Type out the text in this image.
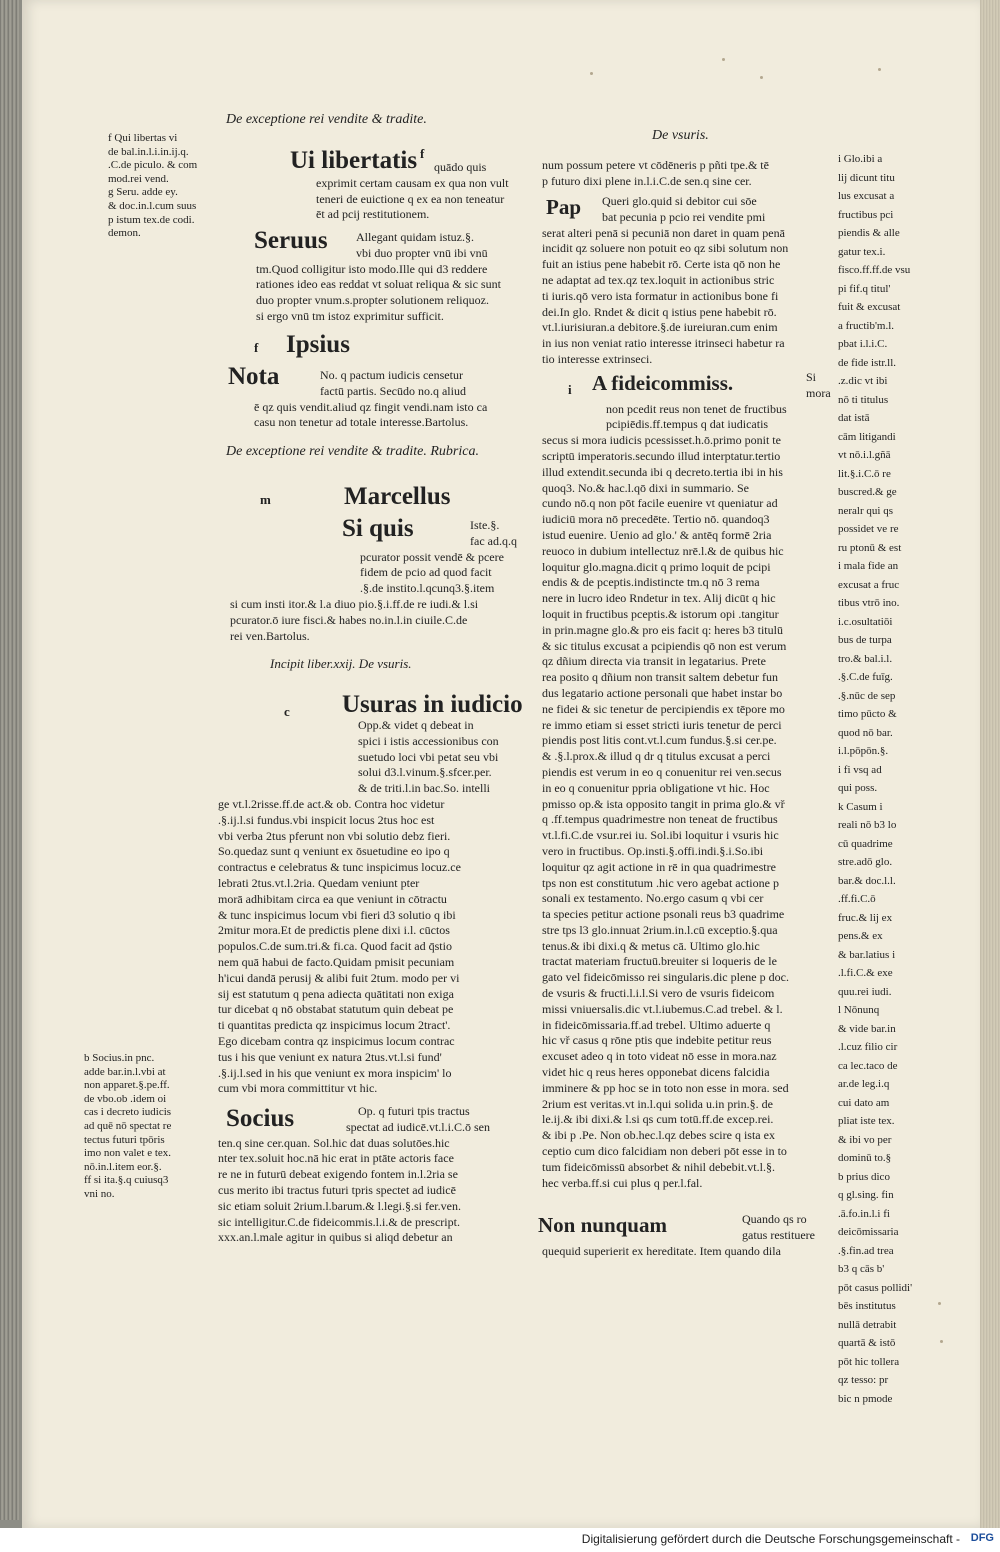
De exceptione rei vendite & tradite.
De vsuris.
f Qui libertas vi
de bal.in.l.i.in.ij.q.
.C.de piculo. & com
mod.rei vend.
g Seru. adde ey.
& doc.in.l.cum suus
p istum tex.de codi.
demon.
Ui libertatis f
quādo quis
exprimit certam causam ex qua non vult
teneri de euictione q ex ea non teneatur
ēt ad pcij restitutionem.
Seruus Allegant quidam istuz.§.
vbi duo propter vnū ibi vnū
tm.Quod colligitur isto modo.Ille qui d3 reddere
rationes ideo eas reddat vt soluat reliqua & sic sunt
duo propter vnum.s.propter solutionem reliquoz.
si ergo vnū tm istoz exprimitur sufficit.
f Ipsius
Nota	No. q pactum iudicis censetur
factū partis. Secūdo no.q aliud
ē qz quis vendit.aliud qz fingit vendi.nam isto ca
casu non tenetur ad totale interesse.Bartolus.
De exceptione rei vendite & tradite. Rubrica.
m	Marcellus
Si quis	Iste.§.
fac ad.q.q
pcurator possit vendē & pcere
fidem de pcio ad quod facit
.§.de instito.l.qcunq3.§.item
si cum insti itor.& l.a diuo pio.§.i.ff.de re iudi.& l.si
pcurator.ō iure fisci.& habes no.in.l.in ciuile.C.de
rei ven.Bartolus.
Incipit liber.xxij. De vsuris.
c Usuras in iudicio
Opp.& videt q debeat in
spici i istis accessionibus con
suetudo loci vbi petat seu vbi
solui d3.l.vinum.§.sfcer.per.
& de triti.l.in bac.So. intelli
ge vt.l.2risse.ff.de act.& ob. Contra hoc videtur
.§.ij.l.si fundus.vbi inspicit locus 2tus hoc est
vbi verba 2tus pferunt non vbi solutio debz fieri.
So.quedaz sunt q veniunt ex ōsuetudine eo ipo q
contractus e celebratus & tunc inspicimus locuz.ce
lebrati 2tus.vt.l.2ria. Quedam veniunt pter
morā adhibitam circa ea que veniunt in cōtractu
& tunc inspicimus locum vbi fieri d3 solutio q ibi
2mitur mora.Et de predictis plene dixi i.l. cūctos
populos.C.de sum.tri.& fi.ca. Quod facit ad q̄stio
nem quā habui de facto.Quidam pmisit pecuniam
h'icui dandā perusij & alibi fuit 2tum. modo per vi
sij est statutum q pena adiecta quātitati non exiga
tur dicebat q nō obstabat statutum quin debeat pe
ti quantitas predicta qz inspicimus locum 2tract'.
Ego dicebam contra qz inspicimus locum contrac
tus i his que veniunt ex natura 2tus.vt.l.si fund'
.§.ij.l.sed in his que veniunt ex mora inspicim' lo
cum vbi mora committitur vt hic.
Socius	Op. q futuri tpis tractus
spectat ad iudicē.vt.l.i.C.ō sen
ten.q sine cer.quan. Sol.hic dat duas solutōes.hic
nter tex.soluit hoc.nā hic erat in ptāte actoris face
re ne in futurū debeat exigendo fontem in.l.2ria se
cus merito ibi tractus futuri tpris spectet ad iudicē
sic etiam soluit 2rium.l.barum.& l.legi.§.si fer.ven.
sic intelligitur.C.de fideicommis.l.i.& de prescript.
xxx.an.l.male agitur in quibus si aliqd debetur an
b Socius.in pnc.
adde bar.in.l.vbi at
non apparet.§.pe.ff.
de vbo.ob .idem oi
cas i decreto iudicis
ad quē nō spectat re
tectus futuri tpōris
imo non valet e tex.
nō.in.l.item eor.§.
ff si ita.§.q cuiusq3
vni no.
num possum petere vt cōdēneris p pñti tpe.& tē
p futuro dixi plene in.l.i.C.de sen.q sine cer.
Pap Queri glo.quid si debitor cui sōe
bat pecunia p pcio rei vendite pmi
serat alteri penā si pecuniā non daret in quam penā
incidit qz soluere non potuit eo qz sibi solutum non
fuit an istius pene habebit rō. Certe ista qō non he
ne adaptat ad tex.qz tex.loquit in actionibus stric
ti iuris.qō vero ista formatur in actionibus bone fi
dei.In glo. Rndet & dicit q istius pene habebit rō.
vt.l.iurisiuran.a debitore.§.de iureiuran.cum enim
in ius non veniat ratio interesse itrinseci habetur ra
tio interesse extrinseci.
i A fideicommiss.	Si
mora
non pcedit reus non tenet de fructibus
pcipiēdis.ff.tempus q dat iudicatis
secus si mora iudicis pcessisset.h.ō.primo ponit te
scriptū imperatoris.secundo illud interptatur.tertio
illud extendit.secunda ibi q decreto.tertia ibi in his
quoq3. No.& hac.l.qō dixi in summario. Se
cundo nō.q non pōt facile euenire vt queniatur ad
iudiciū mora nō precedēte. Tertio nō. quandoq3
istud euenire. Uenio ad glo.' & antēq formē 2ria
reuoco in dubium intellectuz nrē.l.& de quibus hic
loquitur glo.magna.dicit q primo loquit de pcipi
endis & de pceptis.indistincte tm.q nō 3 rema
nere in lucro ideo Rndetur in tex. Alij dicūt q hic
loquit in fructibus pceptis.& istorum opi .tangitur
in prin.magne glo.& pro eis facit q: heres b3 titulū
& sic titulus excusat a pcipiendis qō non est verum
qz dñium directa via transit in legatarius. Prete
rea posito q dñium non transit saltem debetur fun
dus legatario actione personali que habet instar bo
ne fidei & sic tenetur de percipiendis ex tēpore mo
re immo etiam si esset stricti iuris tenetur de perci
piendis post litis cont.vt.l.cum fundus.§.si cer.pe.
& .§.l.prox.& illud q dr q titulus excusat a perci
piendis est verum in eo q conuenitur rei ven.secus
in eo q conuenitur ppria obligatione vt hic. Hoc
pmisso op.& ista opposito tangit in prima glo.& vř
q .ff.tempus quadrimestre non teneat de fructibus
vt.l.fi.C.de vsur.rei iu. Sol.ibi loquitur i vsuris hic
vero in fructibus. Op.insti.§.offi.indi.§.i.So.ibi
loquitur qz agit actione in rē in qua quadrimestre
tps non est constitutum .hic vero agebat actione p
sonali ex testamento. No.ergo casum q vbi cer
ta species petitur actione psonali reus b3 quadrime
stre tps l3 glo.innuat 2rium.in.l.cū exceptio.§.qua
tenus.& ibi dixi.q & metus cā. Ultimo glo.hic
tractat materiam fructuū.breuiter si loqueris de le
gato vel fideicōmisso rei singularis.dic plene p doc.
de vsuris & fructi.l.i.l.Si vero de vsuris fideicom
missi vniuersalis.dic vt.l.iubemus.C.ad trebel. & l.
in fideicōmissaria.ff.ad trebel. Ultimo aduerte q
hic vř casus q rōne ptis que indebite petitur reus
excuset adeo q in toto videat nō esse in mora.naz
videt hic q reus heres opponebat dicens falcidia
imminere & pp hoc se in toto non esse in mora. sed
2rium est veritas.vt in.l.qui solida u.in prin.§. de
le.ij.& ibi dixi.& l.si qs cum totū.ff.de excep.rei.
& ibi p .Pe. Non ob.hec.l.qz debes scire q ista ex
ceptio cum dico falcidiam non deberi pōt esse in to
tum fideicōmissū absorbet & nihil debebit.vt.l.§.
hec verba.ff.si cui plus q per.l.fal.
Non nunquam	Quando qs ro
gatus restituere
quequid superierit ex hereditate. Item quando dila
i Glo.ibi a
lij dicunt titu
lus excusat a
fructibus pci
piendis & alle
gatur tex.i.
fisco.ff.ff.de vsu
pi fif.q titul'
fuit & excusat
a fructib'm.l.
pbat i.l.i.C.
de fide istr.ll.
.z.dic vt ibi
nō ti titulus
dat istā
cām litigandi
vt nō.i.l.gñā
lit.§.i.C.ō re
buscred.& ge
neralr qui qs
possidet ve re
ru ptonū & est
i mala fide an
excusat a fruc
tibus vtrō ino.
i.c.osultatiōi
bus de turpa
tro.& bal.i.l.
.§.C.de fuīg.
.§.nūc de sep
timo pūcto &
quod nō bar.
i.l.pōpōn.§.
i fi vsq ad
qui poss.
k Casum i
reali nō b3 lo
cū quadrime
stre.adō glo.
bar.& doc.l.l.
.ff.fi.C.ō
fruc.& lij ex
pens.& ex
& bar.latius i
.l.fi.C.& exe
quu.rei iudi.
l Nōnunq
& vide bar.in
.l.cuz filio cir
ca lec.taco de
ar.de leg.i.q
cui dato am
pliat iste tex.
& ibi vo per
dominū to.§
b prius dico
q gl.sing. fin
.ā.fo.in.l.i fi
deicōmissaria
.§.fin.ad trea
b3 q cās b'
pōt casus pollidi'
bēs institutus
nullā detrabit
quartā & istō
pōt hic tollera
qz tesso: pr
bic n pmode
Digitalisierung gefördert durch die Deutsche Forschungsgemeinschaft - DFG
